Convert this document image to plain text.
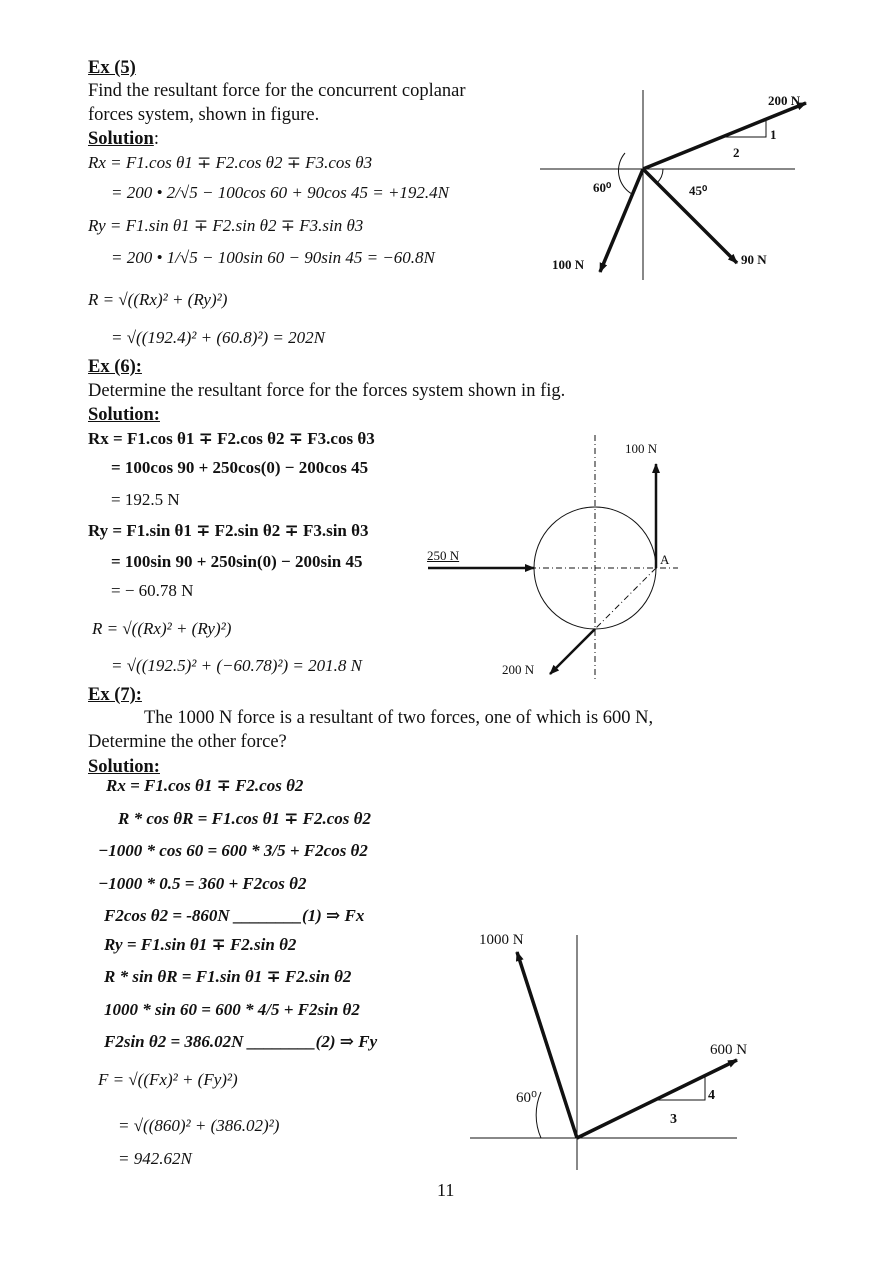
Ex (5)
Find the resultant force for the concurrent coplanar
forces system, shown in figure.
Solution:
Rx = F1.cos θ1 ∓ F2.cos θ2 ∓ F3.cos θ3
= 200 • 2/√5 − 100cos 60 + 90cos 45 = +192.4N
Ry = F1.sin θ1 ∓ F2.sin θ2 ∓ F3.sin θ3
= 200 • 1/√5 − 100sin 60 − 90sin 45 = −60.8N
R = √((Rx)² + (Ry)²)
= √((192.4)² + (60.8)²) = 202N
200 N
1
2
60⁰	45⁰
100 N	90 N
Ex (6):
Determine the resultant force for the forces system shown in fig.
Solution:
Rx = F1.cos θ1 ∓ F2.cos θ2 ∓ F3.cos θ3
= 100cos 90 + 250cos(0) − 200cos 45
= 192.5 N
Ry = F1.sin θ1 ∓ F2.sin θ2 ∓ F3.sin θ3
= 100sin 90 + 250sin(0) − 200sin 45
= − 60.78 N
R = √((Rx)² + (Ry)²)
= √((192.5)² + (−60.78)²) = 201.8 N
100 N
250 N	A
200 N
Ex (7):
The 1000 N force is a resultant of two forces, one of which is 600 N,
Determine the other force?
Solution:
Rx = F1.cos θ1 ∓ F2.cos θ2
R * cos θR = F1.cos θ1 ∓ F2.cos θ2
−1000 * cos 60 = 600 * 3/5 + F2cos θ2
−1000 * 0.5 = 360 + F2cos θ2
F2cos θ2 = -860N ________(1) ⇒ Fx
Ry = F1.sin θ1 ∓ F2.sin θ2
R * sin θR = F1.sin θ1 ∓ F2.sin θ2
1000 * sin 60 = 600 * 4/5 + F2sin θ2
F2sin θ2 = 386.02N ________(2) ⇒ Fy
F = √((Fx)² + (Fy)²)
= √((860)² + (386.02)²)
= 942.62N
1000 N
600 N
60⁰	4
3
11
